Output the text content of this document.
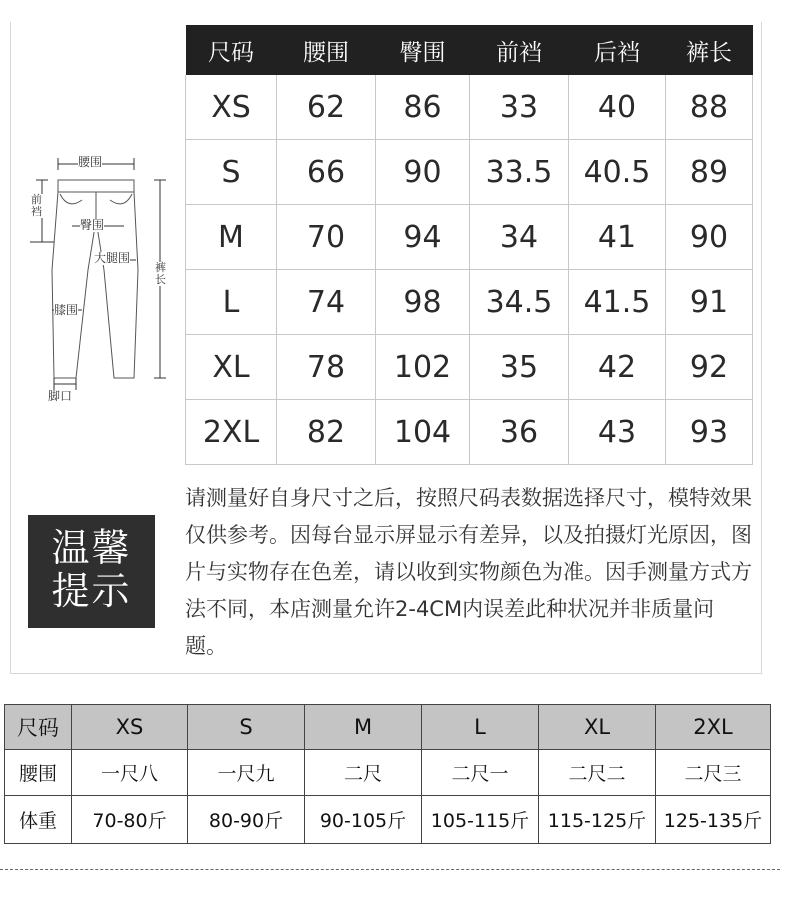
腰围
前裆
臀围
大腿围
裤长
膝围
脚口
尺码	腰围	臀围	前裆	后裆	裤长
XS	62	86	33	40	88
S	66	90	33.5	40.5	89
M	70	94	34	41	90
L	74	98	34.5	41.5	91
XL	78	102	35	42	92
2XL	82	104	36	43	93
温馨
提示
请测量好自身尺寸之后，按照尺码表数据选择尺寸，模特效果仅供参考。因每台显示屏显示有差异，以及拍摄灯光原因，图片与实物存在色差，请以收到实物颜色为准。因手测量方式方法不同，本店测量允许2-4CM内误差此种状况并非质量问题。
尺码	XS	S	M	L	XL	2XL
腰围	一尺八	一尺九	二尺	二尺一	二尺二	二尺三
体重	70-80斤	80-90斤	90-105斤	105-115斤	115-125斤	125-135斤
